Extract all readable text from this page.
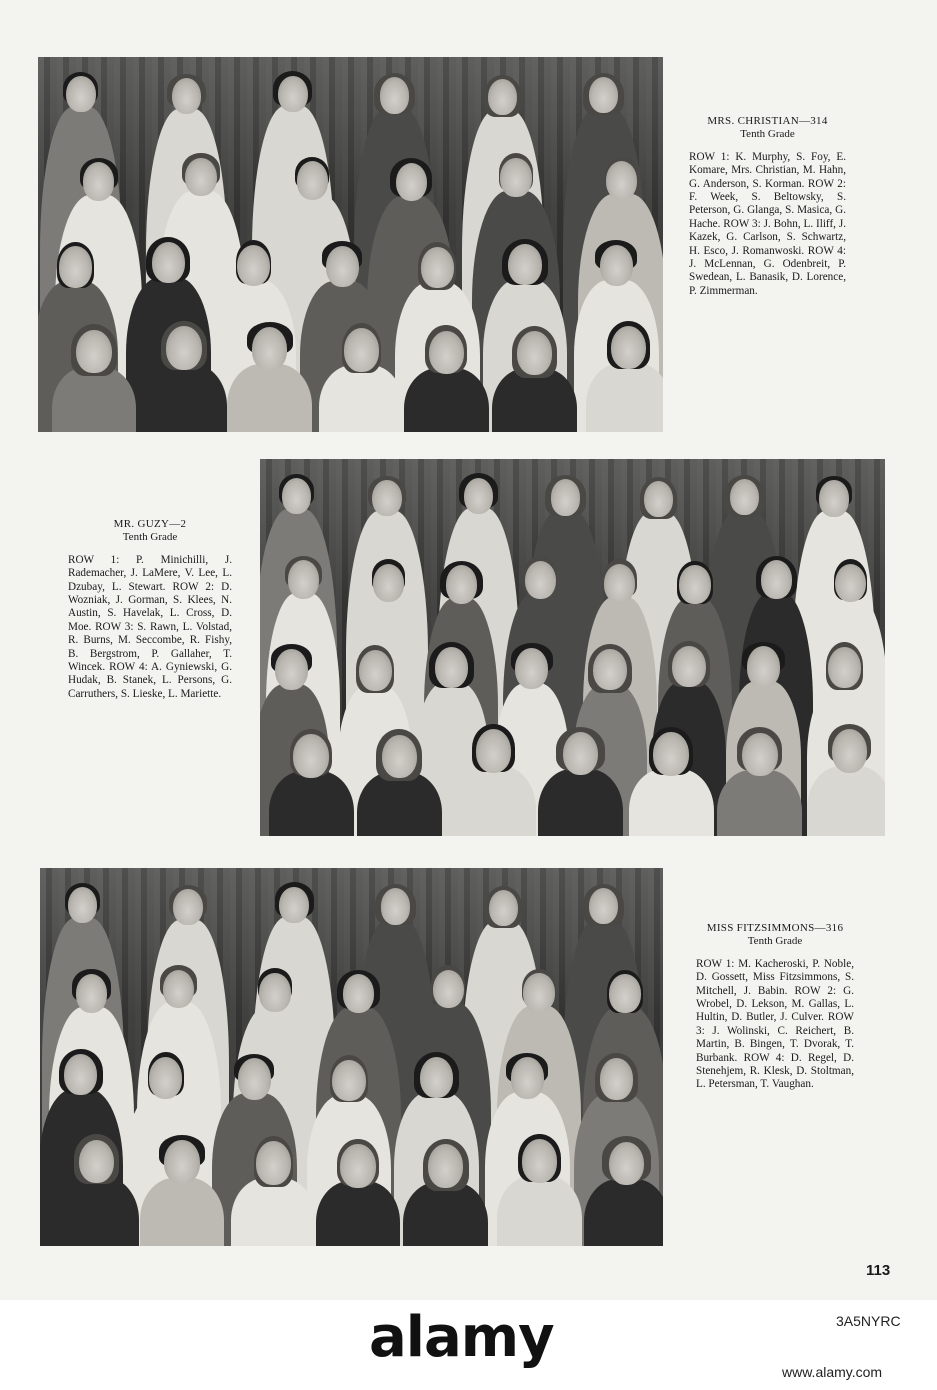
MRS. CHRISTIAN—314
Tenth Grade
ROW 1: K. Murphy, S. Foy, E. Komare, Mrs. Christian, M. Hahn, G. Anderson, S. Korman. ROW 2: F. Week, S. Beltowsky, S. Peterson, G. Glanga, S. Masica, G. Hache. ROW 3: J. Bohn, L. Iliff, J. Kazek, G. Carlson, S. Schwartz, H. Esco, J. Romanwoski. ROW 4: J. McLennan, G. Odenbreit, P. Swedean, L. Banasik, D. Lorence, P. Zimmerman.
MR. GUZY—2
Tenth Grade
ROW 1: P. Minichilli, J. Rademacher, J. LaMere, V. Lee, L. Dzubay, L. Stewart. ROW 2: D. Wozniak, J. Gorman, S. Klees, N. Austin, S. Havelak, L. Cross, D. Moe. ROW 3: S. Rawn, L. Volstad, R. Burns, M. Seccombe, R. Fishy, B. Bergstrom, P. Gallaher, T. Wincek. ROW 4: A. Gyniewski, G. Hudak, B. Stanek, L. Persons, G. Carruthers, S. Lieske, L. Mariette.
MISS FITZSIMMONS—316
Tenth Grade
ROW 1: M. Kacheroski, P. Noble, D. Gossett, Miss Fitzsimmons, S. Mitchell, J. Babin. ROW 2: G. Wrobel, D. Lekson, M. Gallas, L. Hultin, D. Butler, J. Culver. ROW 3: J. Wolinski, C. Reichert, B. Martin, B. Bingen, T. Dvorak, T. Burbank. ROW 4: D. Regel, D. Stenehjem, R. Klesk, D. Stoltman, L. Petersman, T. Vaughan.
113
alamy	3A5NYRC
www.alamy.com
